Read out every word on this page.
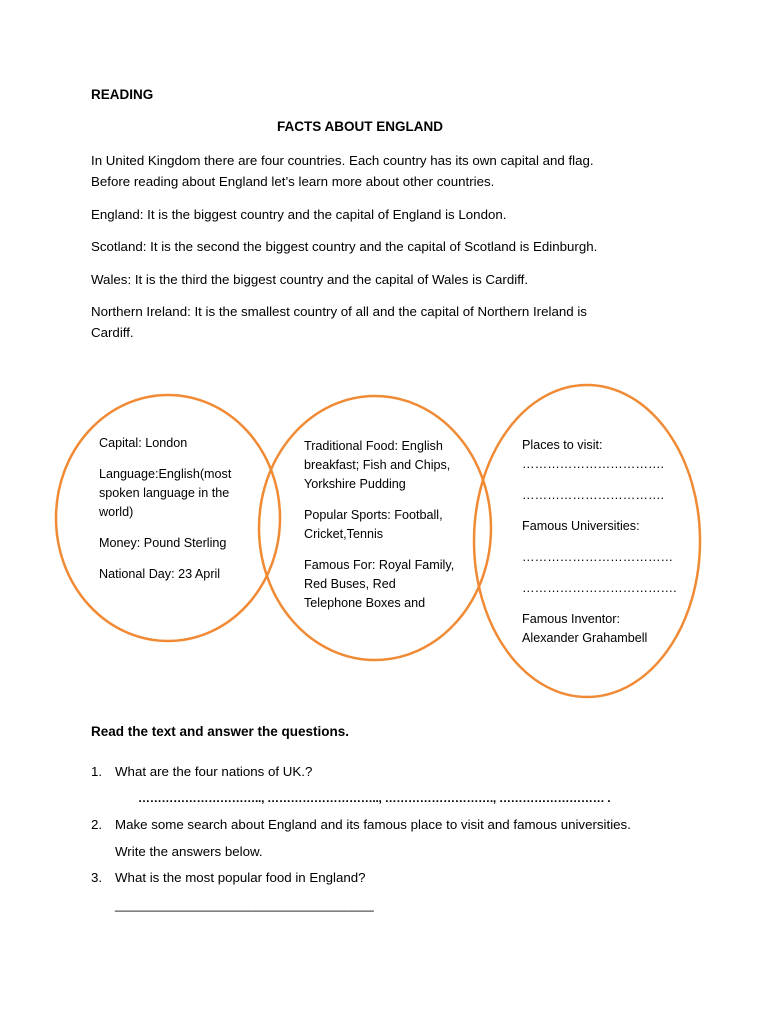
READING
FACTS ABOUT ENGLAND

In United Kingdom there are four countries. Each country has its own capital and flag.

Before reading about England let’s learn more about other countries.

England: It is the biggest country and the capital of England is London.

Scotland: It is the second the biggest country and the capital of Scotland is Edinburgh.

Wales: It is the third the biggest country and the capital of Wales is Cardiff.

Northern Ireland: It is the smallest country of all and the capital of Northern Ireland is

Cardiff.

Capital: London

Language:English(most

spoken language in the

world)

Money: Pound Sterling

National Day: 23 April

Traditional Food: English

breakfast; Fish and Chips,

Yorkshire Pudding

Popular Sports: Football,

Cricket,Tennis

Famous For: Royal Family,

Red Buses, Red

Telephone Boxes and

Places to visit:

…………………………….

…………………………….

Famous Universities:

………………………………

……………………………….

Famous Inventor:

Alexander Grahambell

Read the text and answer the questions.
1. What are the four nations of UK.?
………………………….., ……………………….., ………………………., ……………………… .
2. Make some search about England and its famous place to visit and famous universities.
Write the answers below.
3. What is the most popular food in England?
___________________________________
